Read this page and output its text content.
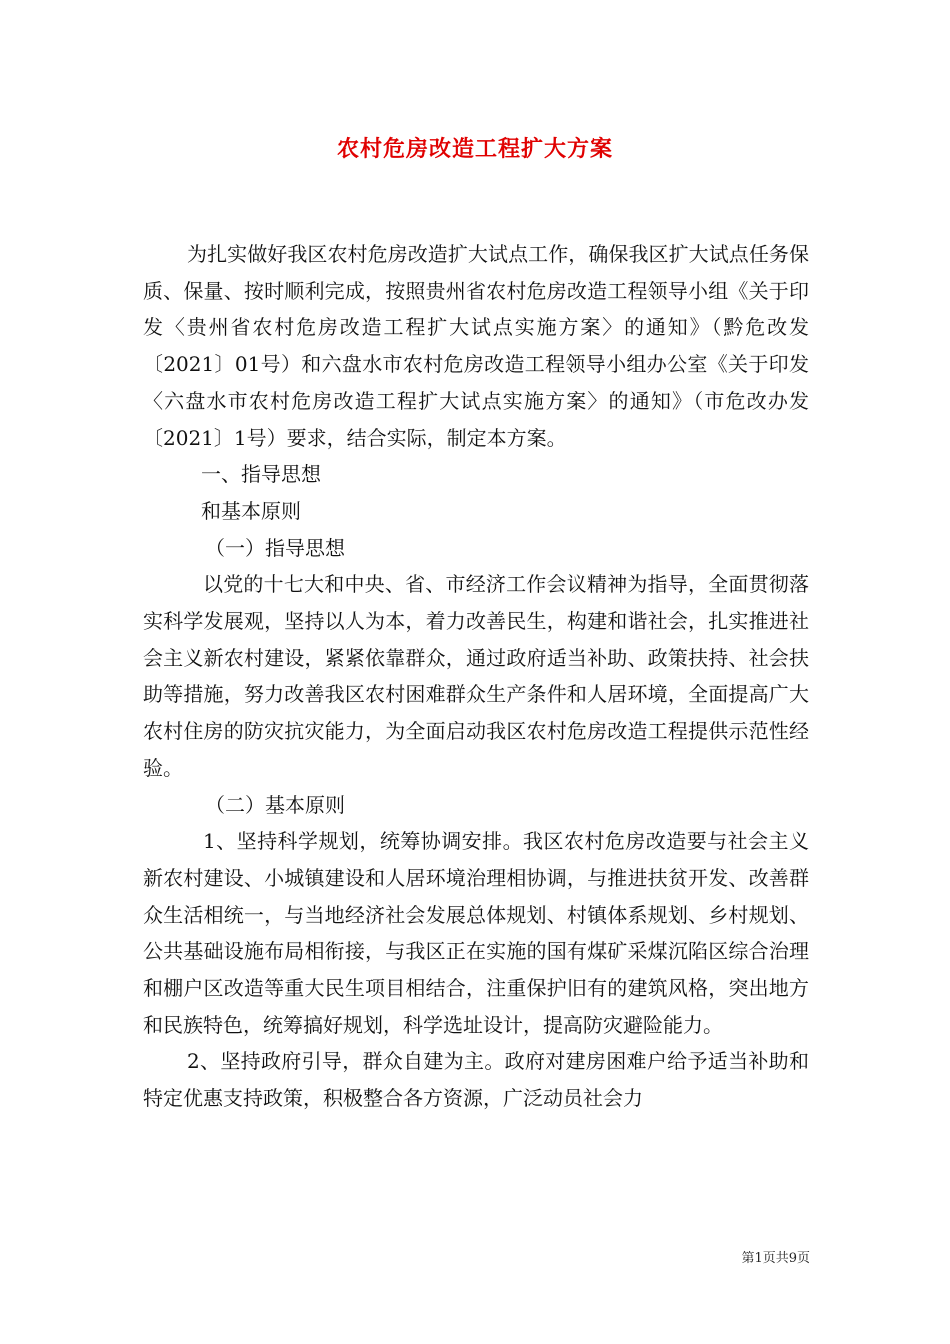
农村危房改造工程扩大方案

为扎实做好我区农村危房改造扩大试点工作，确保我区扩大试点任务保质、保量、按时顺利完成，按照贵州省农村危房改造工程领导小组《关于印发〈贵州省农村危房改造工程扩大试点实施方案〉的通知》（黔危改发〔2021〕01号）和六盘水市农村危房改造工程领导小组办公室《关于印发〈六盘水市农村危房改造工程扩大试点实施方案〉的通知》（市危改办发〔2021〕1号）要求，结合实际，制定本方案。

一、指导思想

和基本原则

（一）指导思想

以党的十七大和中央、省、市经济工作会议精神为指导，全面贯彻落实科学发展观，坚持以人为本，着力改善民生，构建和谐社会，扎实推进社会主义新农村建设，紧紧依靠群众，通过政府适当补助、政策扶持、社会扶助等措施，努力改善我区农村困难群众生产条件和人居环境，全面提高广大农村住房的防灾抗灾能力，为全面启动我区农村危房改造工程提供示范性经验。

（二）基本原则

1、坚持科学规划，统筹协调安排。我区农村危房改造要与社会主义新农村建设、小城镇建设和人居环境治理相协调，与推进扶贫开发、改善群众生活相统一，与当地经济社会发展总体规划、村镇体系规划、乡村规划、公共基础设施布局相衔接，与我区正在实施的国有煤矿采煤沉陷区综合治理和棚户区改造等重大民生项目相结合，注重保护旧有的建筑风格，突出地方和民族特色，统筹搞好规划，科学选址设计，提高防灾避险能力。

2、坚持政府引导，群众自建为主。政府对建房困难户给予适当补助和特定优惠支持政策，积极整合各方资源，广泛动员社会力

第1页共9页
